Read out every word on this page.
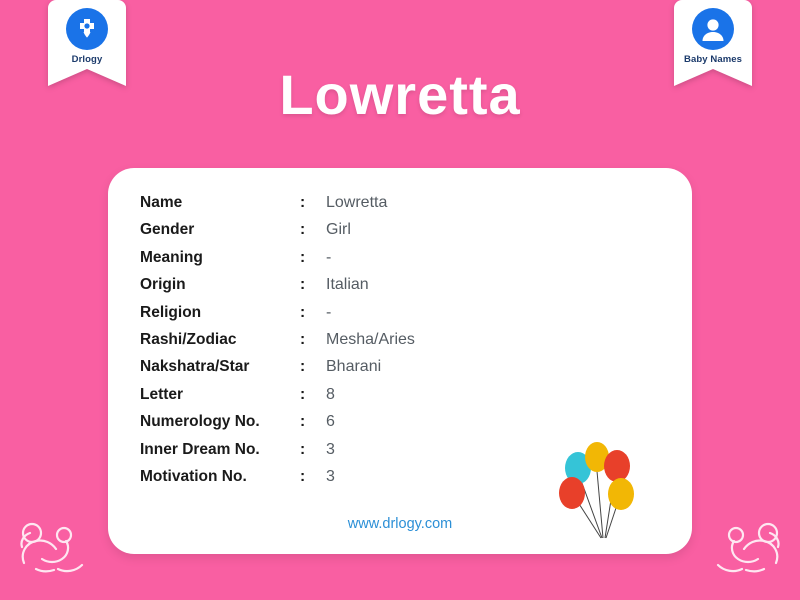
Drlogy	Baby Names
Lowretta
Name	:	Lowretta
Gender	:	Girl
Meaning	:	-
Origin	:	Italian
Religion	:	-
Rashi/Zodiac	:	Mesha/Aries
Nakshatra/Star	:	Bharani
Letter	:	8
Numerology No.	:	6
Inner Dream No.	:	3
Motivation No.	:	3
www.drlogy.com
